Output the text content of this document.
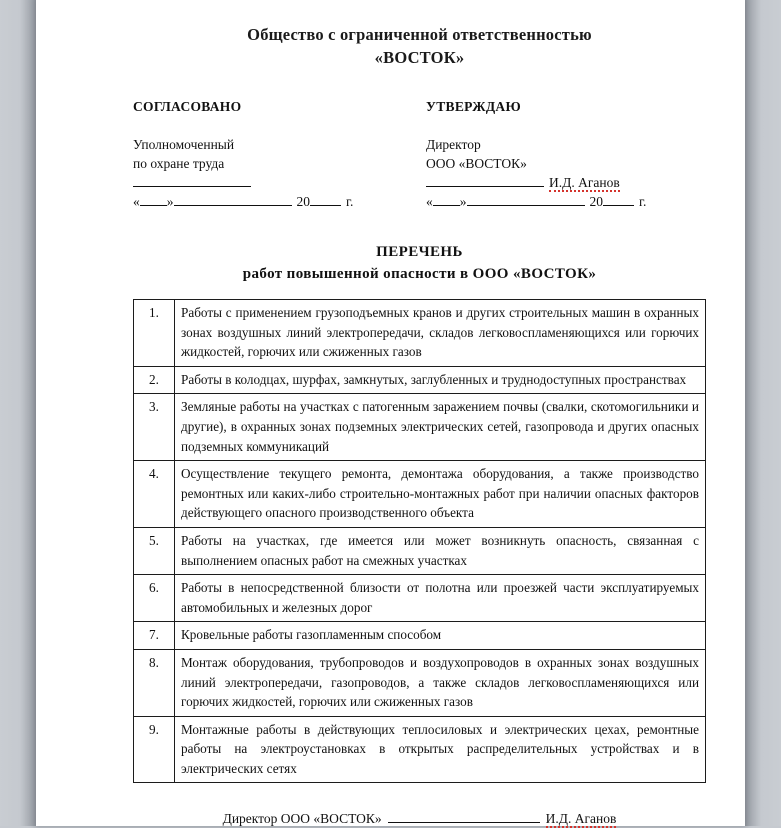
Общество с ограниченной ответственностью
«ВОСТОК»
СОГЛАСОВАНО
Уполномоченный
по охране труда
« »	20	г.
УТВЕРЖДАЮ
Директор
ООО «ВОСТОК»
И.Д. Аганов
« »	20	г.
ПЕРЕЧЕНЬ
работ повышенной опасности в ООО «ВОСТОК»
1.	Работы с применением грузоподъемных кранов и других строительных машин в охранных зонах воздушных линий электропередачи, складов легковоспламеняющихся или горючих жидкостей, горючих или сжиженных газов
2.	Работы в колодцах, шурфах, замкнутых, заглубленных и труднодоступных пространствах
3.	Земляные работы на участках с патогенным заражением почвы (свалки, скотомогильники и другие), в охранных зонах подземных электрических сетей, газопровода и других опасных подземных коммуникаций
4.	Осуществление текущего ремонта, демонтажа оборудования, а также производство ремонтных или каких-либо строительно-монтажных работ при наличии опасных факторов действующего опасного производственного объекта
5.	Работы на участках, где имеется или может возникнуть опасность, связанная с выполнением опасных работ на смежных участках
6.	Работы в непосредственной близости от полотна или проезжей части эксплуатируемых автомобильных и железных дорог
7.	Кровельные работы газопламенным способом
8.	Монтаж оборудования, трубопроводов и воздухопроводов в охранных зонах воздушных линий электропередачи, газопроводов, а также складов легковоспламеняющихся или горючих жидкостей, горючих или сжиженных газов
9.	Монтажные работы в действующих теплосиловых и электрических цехах, ремонтные работы на электроустановках в открытых распределительных устройствах и в электрических сетях
Директор ООО «ВОСТОК»	И.Д. Аганов
